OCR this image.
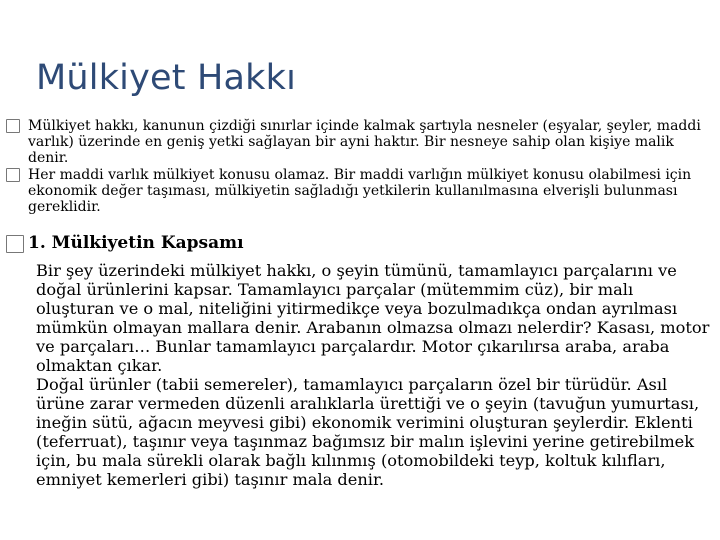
Mülkiyet Hakkı

Mülkiyet hakkı, kanunun çizdiği sınırlar içinde kalmak şartıyla nesneler (eşyalar, şeyler, maddi varlık) üzerinde en geniş yetki sağlayan bir ayni haktır. Bir nesneye sahip olan kişiye malik denir.

Her maddi varlık mülkiyet konusu olamaz. Bir maddi varlığın mülkiyet konusu olabilmesi için ekonomik değer taşıması, mülkiyetin sağladığı yetkilerin kullanılmasına elverişli bulunması gereklidir.

1. Mülkiyetin Kapsamı

Bir şey üzerindeki mülkiyet hakkı, o şeyin tümünü, tamamlayıcı parçalarını ve doğal ürünlerini kapsar. Tamamlayıcı parçalar (mütemmim cüz), bir malı oluşturan ve o mal, niteliğini yitirmedikçe veya bozulmadıkça ondan ayrılması mümkün olmayan mallara denir. Arabanın olmazsa olmazı nelerdir? Kasası, motor ve parçaları… Bunlar tamamlayıcı parçalardır. Motor çıkarılırsa araba, araba olmaktan çıkar.

Doğal ürünler (tabii semereler), tamamlayıcı parçaların özel bir türüdür. Asıl ürüne zarar vermeden düzenli aralıklarla ürettiği ve o şeyin (tavuğun yumurtası, ineğin sütü, ağacın meyvesi gibi) ekonomik verimini oluşturan şeylerdir. Eklenti (teferruat), taşınır veya taşınmaz bağımsız bir malın işlevini yerine getirebilmek için, bu mala sürekli olarak bağlı kılınmış (otomobildeki teyp, koltuk kılıfları, emniyet kemerleri gibi) taşınır mala denir.
